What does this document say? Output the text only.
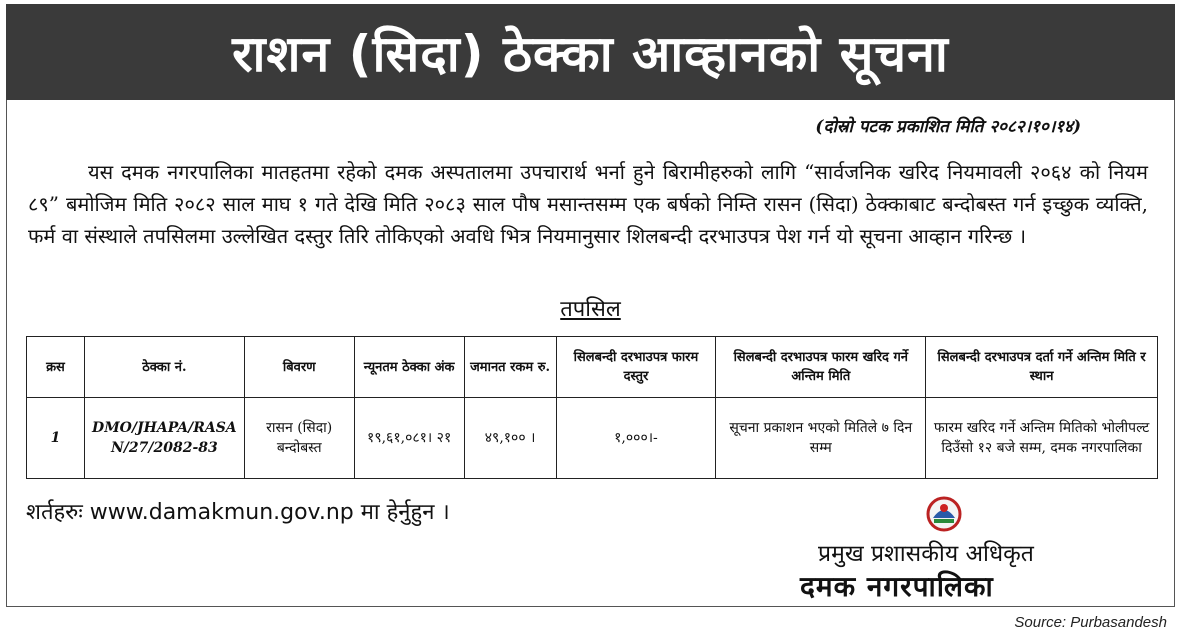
राशन (सिदा) ठेक्का आव्हानको सूचना
(दोस्रो पटक प्रकाशित मिति २०८२।१०।१४)
यस दमक नगरपालिका मातहतमा रहेको दमक अस्पतालमा उपचारार्थ भर्ना हुने बिरामीहरुको लागि “सार्वजनिक खरिद नियमावली २०६४ को नियम ८९” बमोजिम मिति २०८२ साल माघ १ गते देखि मिति २०८३ साल पौष मसान्तसम्म एक बर्षको निम्ति रासन (सिदा) ठेक्काबाट बन्दोबस्त गर्न इच्छुक व्यक्ति, फर्म वा संस्थाले तपसिलमा उल्लेखित दस्तुर तिरि तोकिएको अवधि भित्र नियमानुसार शिलबन्दी दरभाउपत्र पेश गर्न यो सूचना आव्हान गरिन्छ ।
तपसिल
क्रस	ठेक्का नं.	बिवरण	न्यूनतम ठेक्का अंक	जमानत रकम रु.	सिलबन्दी दरभाउपत्र फारम दस्तुर	सिलबन्दी दरभाउपत्र फारम खरिद गर्ने अन्तिम मिति	सिलबन्दी दरभाउपत्र दर्ता गर्ने अन्तिम मिति र स्थान
1	DMO/JHAPA/RASAN/27/2082-83	रासन (सिदा) बन्दोबस्त	१९,६१,०८१। २१	४९,१०० ।	१,०००।-	सूचना प्रकाशन भएको मितिले ७ दिन सम्म	फारम खरिद गर्ने अन्तिम मितिको भोलीपल्ट दिउँसो १२ बजे सम्म, दमक नगरपालिका
शर्तहरुः www.damakmun.gov.np मा हेर्नुहुन ।
प्रमुख प्रशासकीय अधिकृत
दमक नगरपालिका
Source: Purbasandesh
